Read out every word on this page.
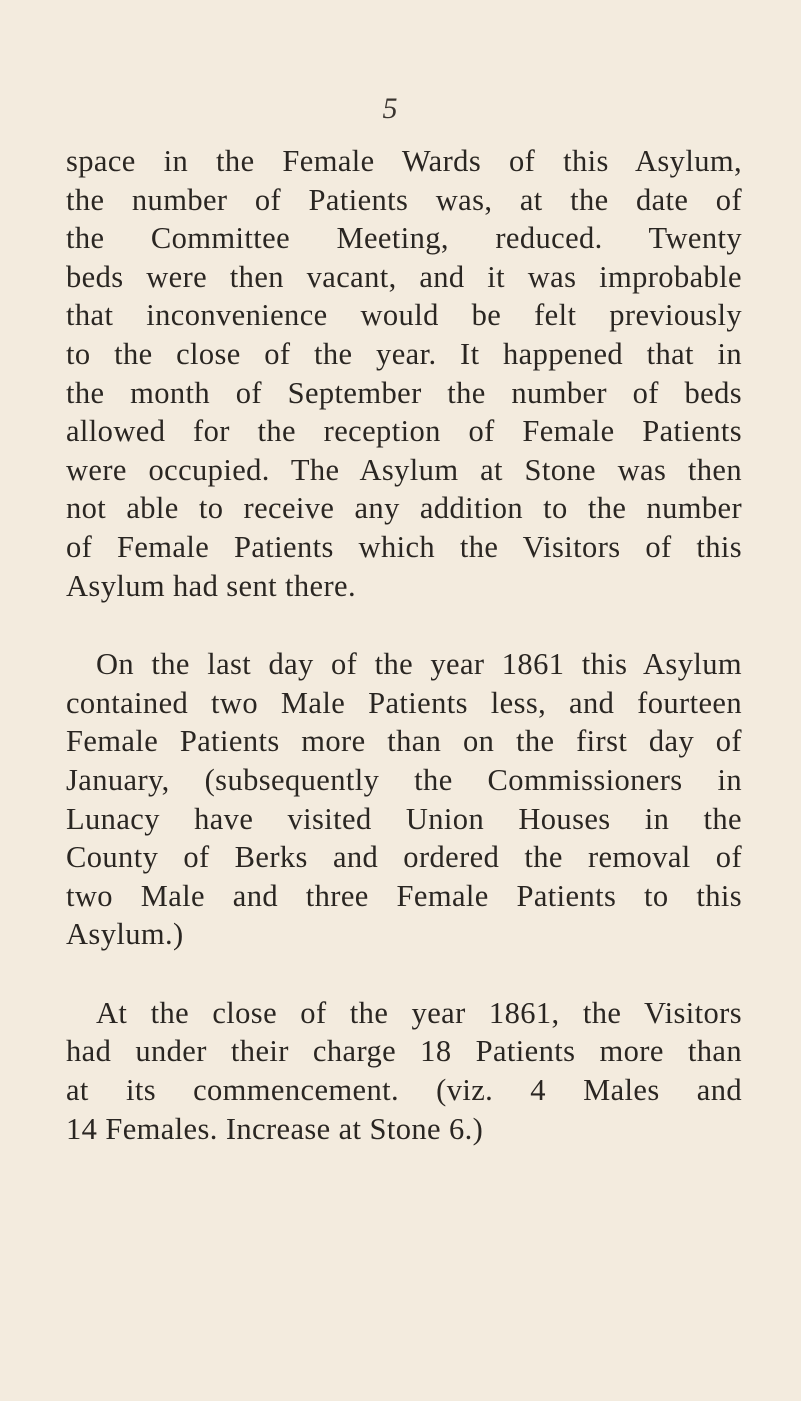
5
space in the Female Wards of this Asylum,
the number of Patients was, at the date of
the Committee Meeting, reduced. Twenty
beds were then vacant, and it was improbable
that inconvenience would be felt previously
to the close of the year. It happened that in
the month of September the number of beds
allowed for the reception of Female Patients
were occupied. The Asylum at Stone was then
not able to receive any addition to the number
of Female Patients which the Visitors of this
Asylum had sent there.
On the last day of the year 1861 this Asylum
contained two Male Patients less, and fourteen
Female Patients more than on the first day of
January, (subsequently the Commissioners in
Lunacy have visited Union Houses in the
County of Berks and ordered the removal of
two Male and three Female Patients to this
Asylum.)
At the close of the year 1861, the Visitors
had under their charge 18 Patients more than
at its commencement. (viz. 4 Males and
14 Females. Increase at Stone 6.)
